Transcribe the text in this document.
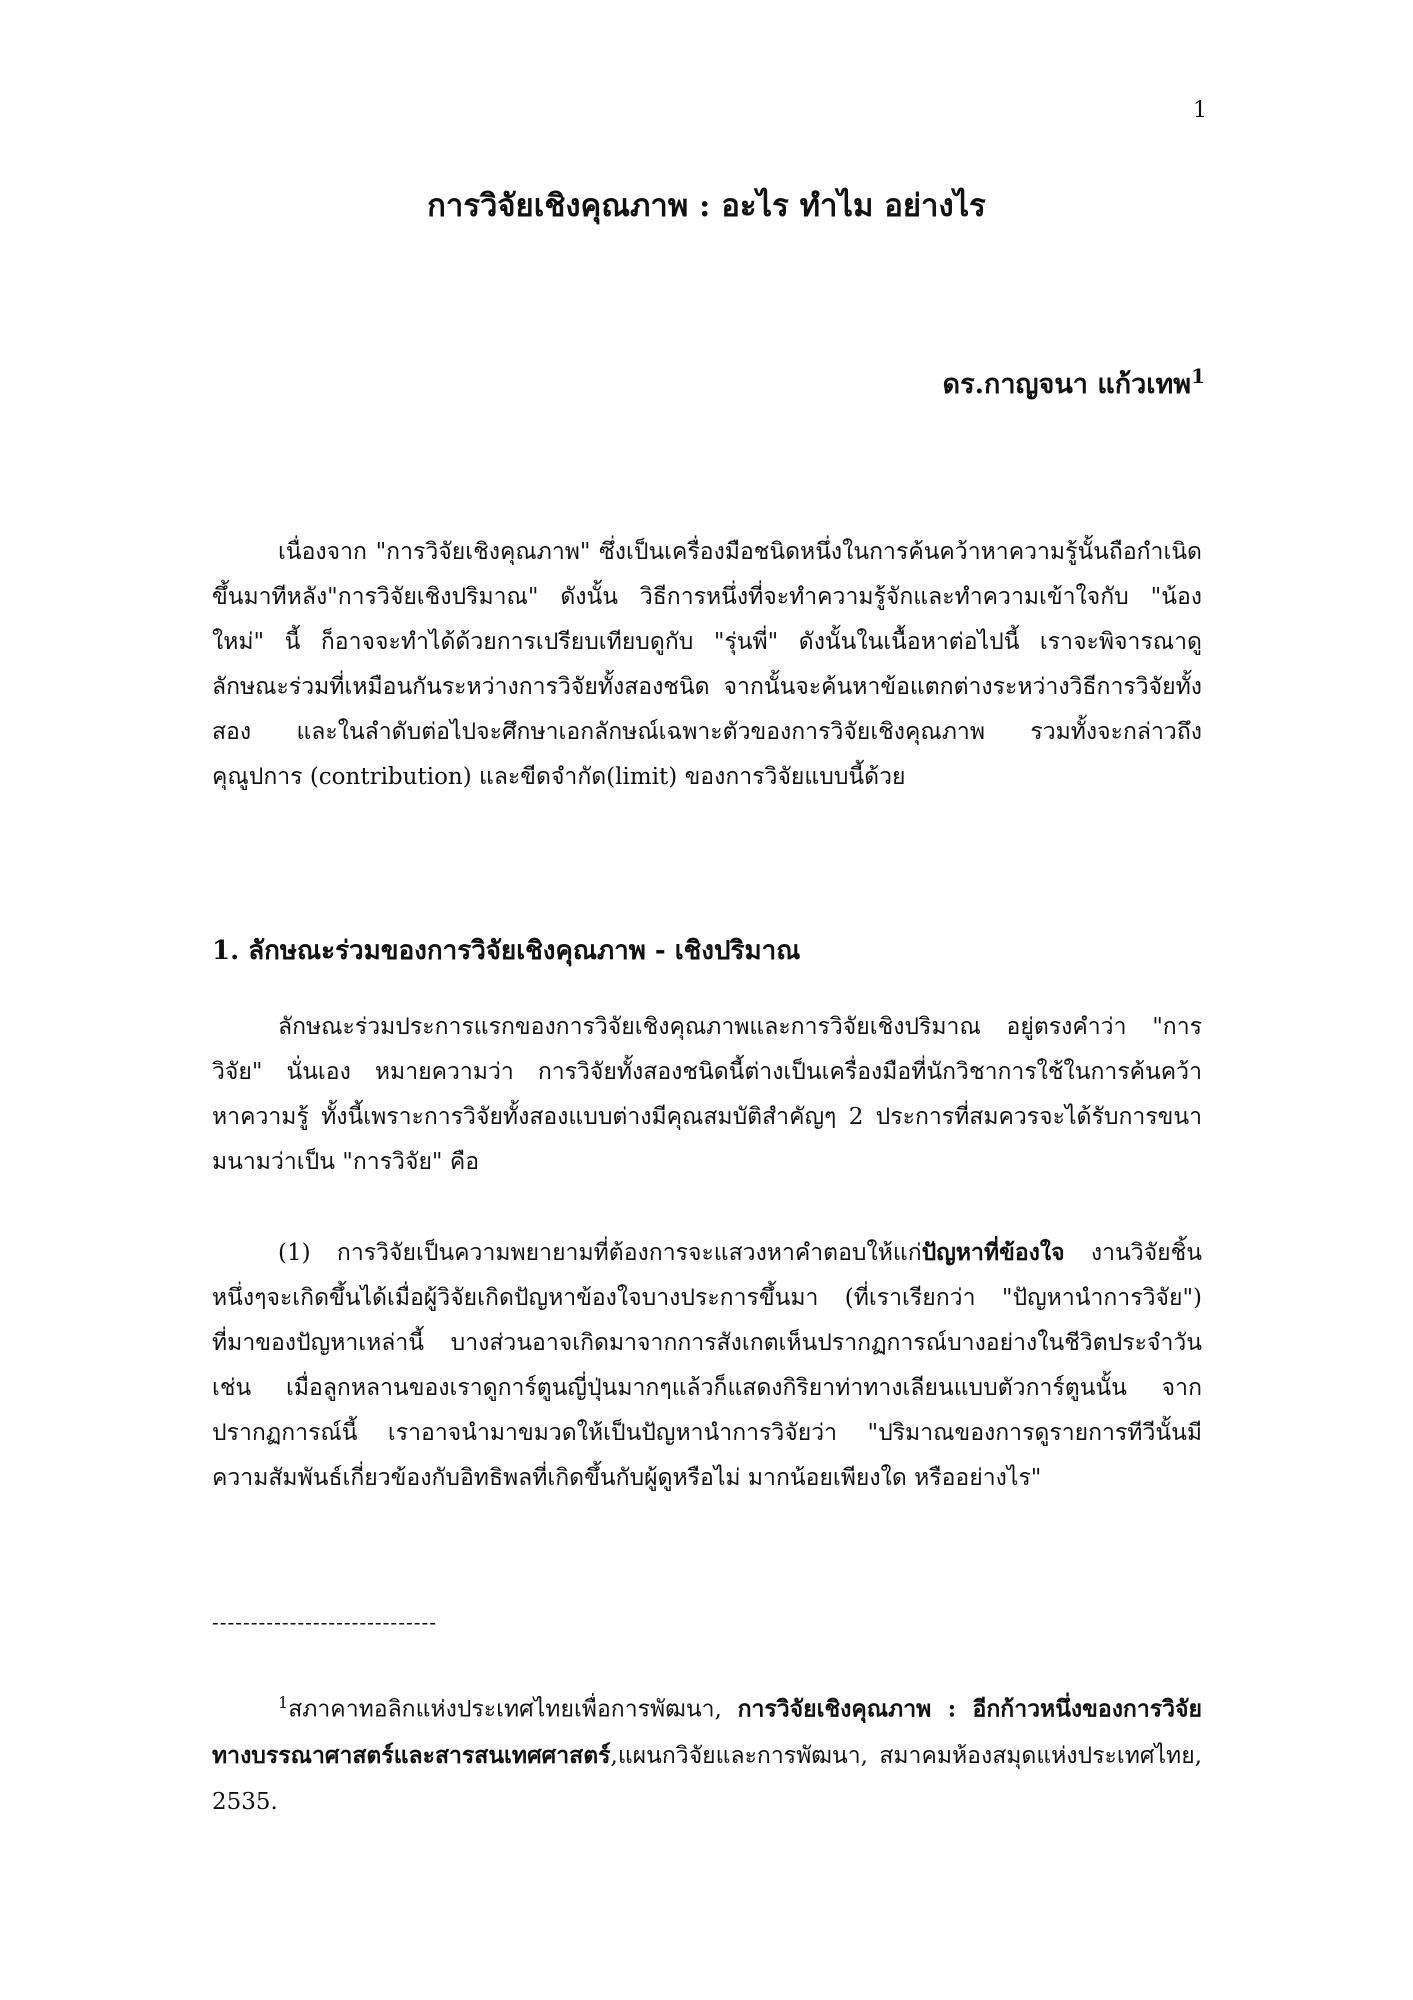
1
การวิจัยเชิงคุณภาพ : อะไร ทำไม อย่างไร
ดร.กาญจนา แก้วเทพ$^1$

เนื่องจาก "การวิจัยเชิงคุณภาพ" ซึ่งเป็นเครื่องมือชนิดหนึ่งในการค้นคว้าหาความรู้นั้นถือกำเนิดขึ้นมาทีหลัง"การวิจัยเชิงปริมาณ" ดังนั้น วิธีการหนึ่งที่จะทำความรู้จักและทำความเข้าใจกับ "น้องใหม่" นี้ ก็อาจจะทำได้ด้วยการเปรียบเทียบดูกับ "รุ่นพี่" ดังนั้นในเนื้อหาต่อไปนี้ เราจะพิจารณาดูลักษณะร่วมที่เหมือนกันระหว่างการวิจัยทั้งสองชนิด จากนั้นจะค้นหาข้อแตกต่างระหว่างวิธีการวิจัยทั้งสอง และในลำดับต่อไปจะศึกษาเอกลักษณ์เฉพาะตัวของการวิจัยเชิงคุณภาพ รวมทั้งจะกล่าวถึงคุณูปการ (contribution) และขีดจำกัด(limit) ของการวิจัยแบบนี้ด้วย

1. ลักษณะร่วมของการวิจัยเชิงคุณภาพ - เชิงปริมาณ

ลักษณะร่วมประการแรกของการวิจัยเชิงคุณภาพและการวิจัยเชิงปริมาณ อยู่ตรงคำว่า "การวิจัย" นั่นเอง หมายความว่า การวิจัยทั้งสองชนิดนี้ต่างเป็นเครื่องมือที่นักวิชาการใช้ในการค้นคว้าหาความรู้ ทั้งนี้เพราะการวิจัยทั้งสองแบบต่างมีคุณสมบัติสำคัญๆ 2 ประการที่สมควรจะได้รับการขนามนามว่าเป็น "การวิจัย" คือ

(1) การวิจัยเป็นความพยายามที่ต้องการจะแสวงหาคำตอบให้แก่ปัญหาที่ข้องใจ งานวิจัยชิ้นหนึ่งๆจะเกิดขึ้นได้เมื่อผู้วิจัยเกิดปัญหาข้องใจบางประการขึ้นมา (ที่เราเรียกว่า "ปัญหานำการวิจัย") ที่มาของปัญหาเหล่านี้ บางส่วนอาจเกิดมาจากการสังเกตเห็นปรากฏการณ์บางอย่างในชีวิตประจำวัน เช่น เมื่อลูกหลานของเราดูการ์ตูนญี่ปุ่นมากๆแล้วก็แสดงกิริยาท่าทางเลียนแบบตัวการ์ตูนนั้น จากปรากฏการณ์นี้ เราอาจนำมาขมวดให้เป็นปัญหานำการวิจัยว่า "ปริมาณของการดูรายการทีวีนั้นมีความสัมพันธ์เกี่ยวข้องกับอิทธิพลที่เกิดขึ้นกับผู้ดูหรือไม่ มากน้อยเพียงใด หรืออย่างไร"

-----------------------------

$^1$สภาคาทอลิกแห่งประเทศไทยเพื่อการพัฒนา, การวิจัยเชิงคุณภาพ : อีกก้าวหนึ่งของการวิจัยทางบรรณาศาสตร์และสารสนเทศศาสตร์,แผนกวิจัยและการพัฒนา, สมาคมห้องสมุดแห่งประเทศไทย, 2535.
